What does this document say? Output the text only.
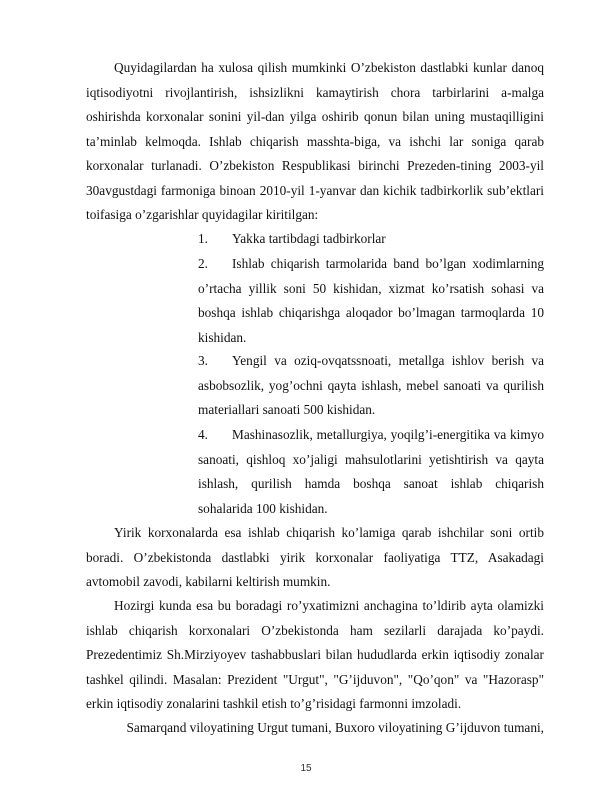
Quyidagilardan ha xulosa qilish mumkinki O’zbekiston dastlabki kunlar danoq iqtisodiyotni rivojlantirish, ishsizlikni kamaytirish chora tarbirlarini a-malga oshirishda korxonalar sonini yil-dan yilga oshirib qonun bilan uning mustaqilligini ta’minlab kelmoqda. Ishlab chiqarish masshta-biga, va ishchi lar soniga qarab korxonalar turlanadi. O’zbekiston Respublikasi birinchi Prezeden-tining 2003-yil 30avgustdagi farmoniga binoan 2010-yil 1-yanvar dan kichik tadbirkorlik sub’ektlari toifasiga o’zgarishlar quyidagilar kiritilgan:

1. Yakka tartibdagi tadbirkorlar
2. Ishlab chiqarish tarmolarida band bo’lgan xodimlarning o’rtacha yillik soni 50 kishidan, xizmat ko’rsatish sohasi va boshqa ishlab chiqarishga aloqador bo’lmagan tarmoqlarda 10 kishidan.
3. Yengil va oziq-ovqatssnoati, metallga ishlov berish va asbobsozlik, yog’ochni qayta ishlash, mebel sanoati va qurilish materiallari sanoati 500 kishidan.
4. Mashinasozlik, metallurgiya, yoqilg’i-energitika va kimyo sanoati, qishloq xo’jaligi mahsulotlarini yetishtirish va qayta ishlash, qurilish hamda boshqa sanoat ishlab chiqarish sohalarida 100 kishidan.

Yirik korxonalarda esa ishlab chiqarish ko’lamiga qarab ishchilar soni ortib boradi. O’zbekistonda dastlabki yirik korxonalar faoliyatiga TTZ, Asakadagi avtomobil zavodi, kabilarni keltirish mumkin.

Hozirgi kunda esa bu boradagi ro’yxatimizni anchagina to’ldirib ayta olamizki ishlab chiqarish korxonalari O’zbekistonda ham sezilarli darajada ko’paydi. Prezedentimiz Sh.Mirziyoyev tashabbuslari bilan hududlarda erkin iqtisodiy zonalar tashkel qilindi. Masalan: Prezident "Urgut", "G’ijduvon", "Qo’qon" va "Hazorasp" erkin iqtisodiy zonalarini tashkil etish to’g’risidagi farmonni imzoladi.

Samarqand viloyatining Urgut tumani, Buxoro viloyatining G’ijduvon tumani,

15
